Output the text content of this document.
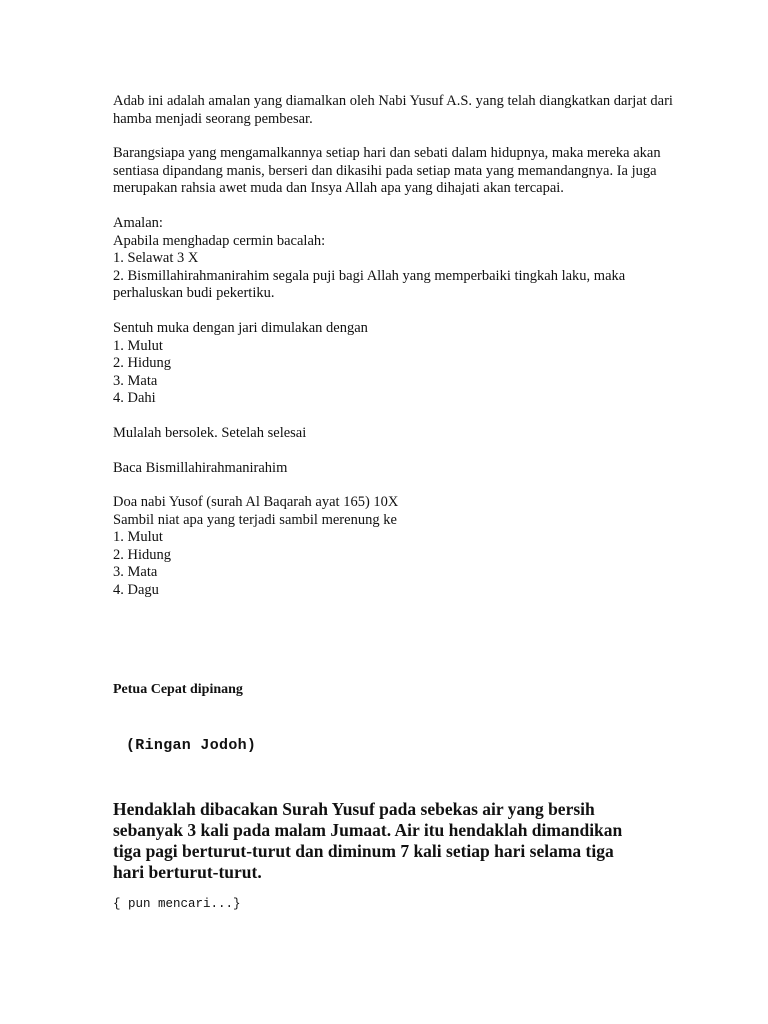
Adab ini adalah amalan yang diamalkan oleh Nabi Yusuf A.S. yang telah diangkatkan darjat dari hamba menjadi seorang pembesar.

Barangsiapa yang mengamalkannya setiap hari dan sebati dalam hidupnya, maka mereka akan sentiasa dipandang manis, berseri dan dikasihi pada setiap mata yang memandangnya. Ia juga merupakan rahsia awet muda dan Insya Allah apa yang dihajati akan tercapai.

Amalan:

Apabila menghadap cermin bacalah:

1. Selawat 3 X
2. Bismillahirahmanirahim segala puji bagi Allah yang memperbaiki tingkah laku, maka perhaluskan budi pekertiku.

Sentuh muka dengan jari dimulakan dengan

1. Mulut
2. Hidung
3. Mata
4. Dahi

Mulalah bersolek. Setelah selesai

Baca Bismillahirahmanirahim

Doa nabi Yusof (surah Al Baqarah ayat 165) 10X

Sambil niat apa yang terjadi sambil merenung ke

1. Mulut
2. Hidung
3. Mata
4. Dagu

Petua Cepat dipinang

(Ringan Jodoh)

Hendaklah dibacakan Surah Yusuf pada sebekas air yang bersih sebanyak 3 kali pada malam Jumaat. Air itu hendaklah dimandikan tiga pagi berturut-turut dan diminum 7 kali setiap hari selama tiga hari berturut-turut.

{ pun mencari...}
